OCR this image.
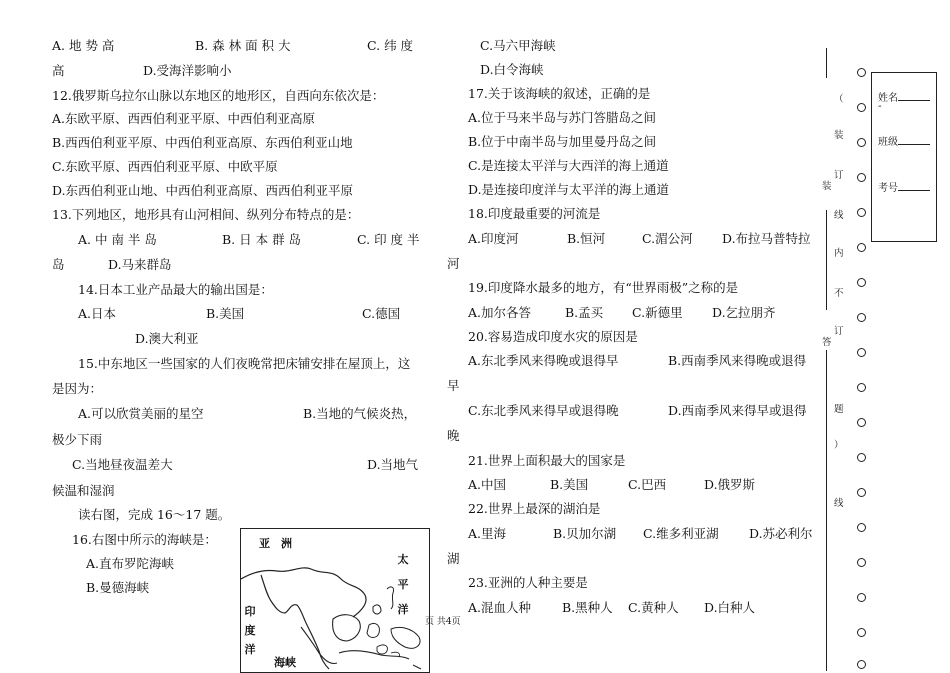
A. 地 势 高	B. 森 林 面 积 大	C. 纬 度
高	D.受海洋影响小
12.俄罗斯乌拉尔山脉以东地区的地形区，自西向东依次是：
A.东欧平原、西西伯利亚平原、中西伯利亚高原
B.西西伯利亚平原、中西伯利亚高原、东西伯利亚山地
C.东欧平原、西西伯利亚平原、中欧平原
D.东西伯利亚山地、中西伯利亚高原、西西伯利亚平原
13.下列地区，地形具有山河相间、纵列分布特点的是：
A. 中 南 半 岛	B. 日 本 群 岛	C. 印 度 半
岛	D.马来群岛
14.日本工业产品最大的输出国是：
A.日本	B.美国	C.德国
D.澳大利亚
15.中东地区一些国家的人们夜晚常把床铺安排在屋顶上，这
是因为：
A.可以欣赏美丽的星空	B.当地的气候炎热，
极少下雨
C.当地昼夜温差大	D.当地气
候温和湿润
读右图，完成 16～17 题。
16.右图中所示的海峡是：
A.直布罗陀海峡
B.曼德海峡
亚　洲
太
平
洋
印
度
洋
海峡
C.马六甲海峡
D.白令海峡
17.关于该海峡的叙述，正确的是
A.位于马来半岛与苏门答腊岛之间
B.位于中南半岛与加里曼丹岛之间
C.是连接太平洋与大西洋的海上通道
D.是连接印度洋与太平洋的海上通道
18.印度最重要的河流是
A.印度河	B.恒河	C.湄公河 D.布拉马普特拉
河
19.印度降水最多的地方，有“世界雨极”之称的是
A.加尔各答	B.孟买 C.新德里 D.乞拉朋齐
20.容易造成印度水灾的原因是
A.东北季风来得晚或退得早	B.西南季风来得晚或退得
早
C.东北季风来得早或退得晚	D.西南季风来得早或退得
晚
21.世界上面积最大的国家是
A.中国	B.美国	C.巴西	D.俄罗斯
22.世界上最深的湖泊是
A.里海	B.贝加尔湖 C.维多利亚湖 D.苏必利尔
湖
23.亚洲的人种主要是
A.混血人种 B.黑种人 C.黄种人 D.白种人
页 共4页
（
装
订
装
线
内
不
订
答
题
）
线
姓名
-
班级
考号
